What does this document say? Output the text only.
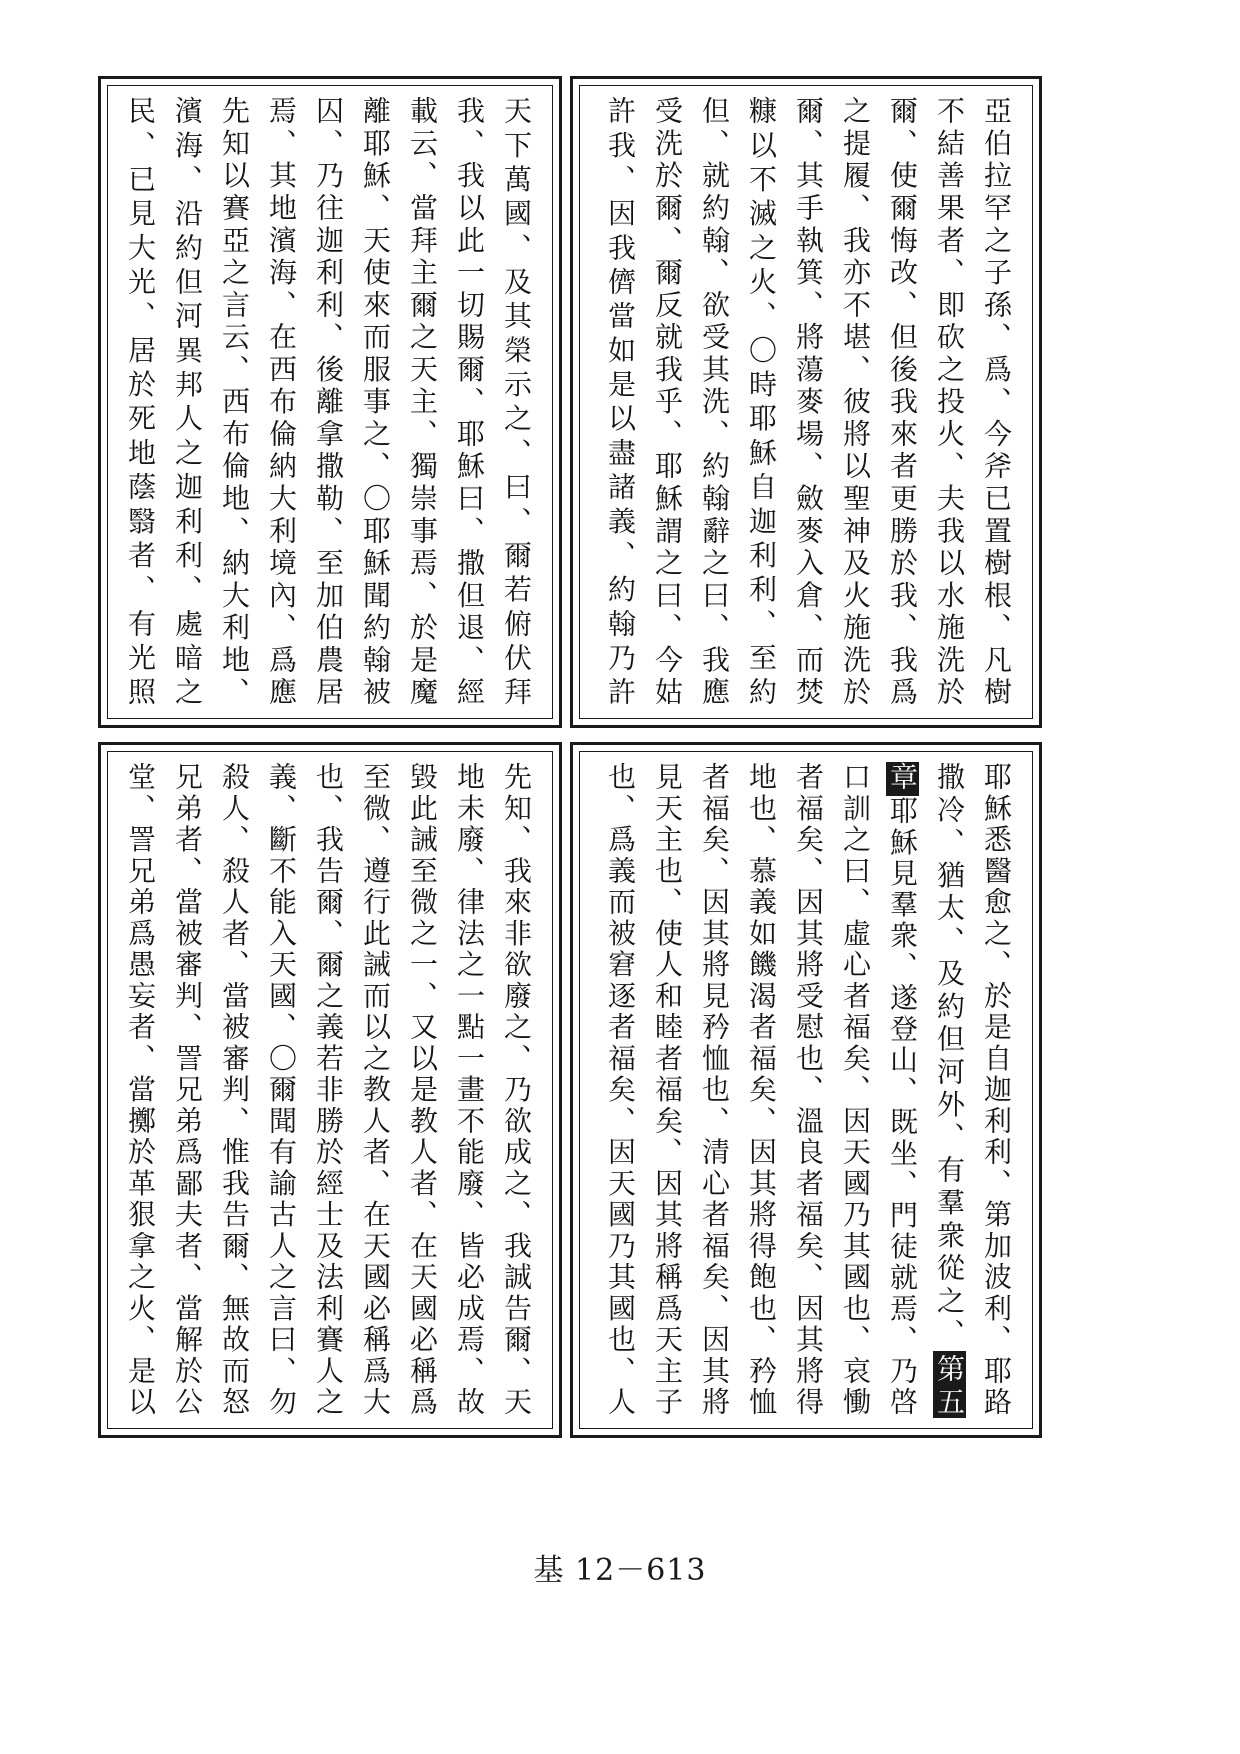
天下萬國、及其榮示之、曰、爾若俯伏拜我、我以此一切賜爾、耶穌曰、撒但退、經載云、當拜主爾之天主、獨崇事焉、於是魔離耶穌、天使來而服事之、〇耶穌聞約翰被囚、乃往迦利利、後離拿撒勒、至加伯農居焉、其地濱海、在西布倫納大利境內、爲應先知以賽亞之言云、西布倫地、納大利地、濱海、沿約但河異邦人之迦利利、處暗之民、已見大光、居於死地蔭翳者、有光照
亞伯拉罕之子孫、爲、今斧已置樹根、凡樹不結善果者、即砍之投火、夫我以水施洗於爾、使爾悔改、但後我來者更勝於我、我爲之提履、我亦不堪、彼將以聖神及火施洗於爾、其手執箕、將蕩麥場、斂麥入倉、而焚糠以不滅之火、〇時耶穌自迦利利、至約但、就約翰、欲受其洗、約翰辭之曰、我應受洗於爾、爾反就我乎、耶穌謂之曰、今姑許我、因我儕當如是以盡諸義、約翰乃許
先知、我來非欲廢之、乃欲成之、我誠告爾、天地未廢、律法之一點一畫不能廢、皆必成焉、故毀此誡至微之一、又以是教人者、在天國必稱爲至微、遵行此誡而以之教人者、在天國必稱爲大也、我告爾、爾之義若非勝於經士及法利賽人之義、斷不能入天國、〇爾聞有諭古人之言曰、勿殺人、殺人者、當被審判、惟我告爾、無故而怒兄弟者、當被審判、詈兄弟爲鄙夫者、當解於公堂、詈兄弟爲愚妄者、當擲於革狠拿之火、是以	耶穌悉醫愈之、於是自迦利利、第加波利、耶路撒冷、猶太、及約但河外、有羣衆從之、第五章耶穌見羣衆、遂登山、既坐、門徒就焉、乃啓口訓之曰、虛心者福矣、因天國乃其國也、哀慟者福矣、因其將受慰也、溫良者福矣、因其將得地也、慕義如饑渴者福矣、因其將得飽也、矜恤者福矣、因其將見矜恤也、清心者福矣、因其將見天主也、使人和睦者福矣、因其將稱爲天主子也、爲義而被窘逐者福矣、因天國乃其國也、人
基 12－613
